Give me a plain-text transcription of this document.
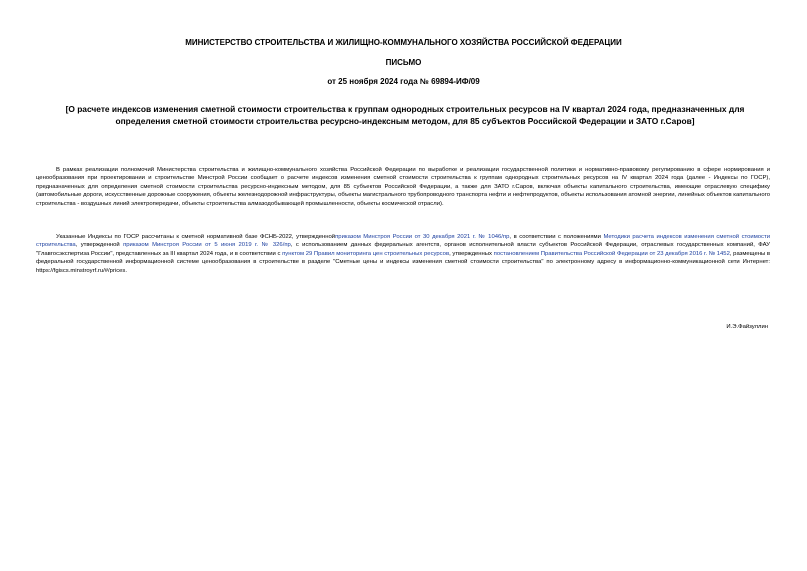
МИНИСТЕРСТВО СТРОИТЕЛЬСТВА И ЖИЛИЩНО-КОММУНАЛЬНОГО ХОЗЯЙСТВА РОССИЙСКОЙ ФЕДЕРАЦИИ
ПИСЬМО
от 25 ноября 2024 года № 69894-ИФ/09
[О расчете индексов изменения сметной стоимости строительства к группам однородных строительных ресурсов на IV квартал 2024 года, предназначенных для определения сметной стоимости строительства ресурсно-индексным методом, для 85 субъектов Российской Федерации и ЗАТО г.Саров]

В рамках реализации полномочий Министерства строительства и жилищно-коммунального хозяйства Российской Федерации по выработке и реализации государственной политики и нормативно-правовому регулированию в сфере нормирования и ценообразования при проектировании и строительстве Минстрой России сообщает о расчете индексов изменения сметной стоимости строительства к группам однородных строительных ресурсов на IV квартал 2024 года (далее - Индексы по ГОСР), предназначенных для определения сметной стоимости строительства ресурсно-индексным методом, для 85 субъектов Российской Федерации, а также для ЗАТО г.Саров, включая объекты капитального строительства, имеющие отраслевую специфику (автомобильные дороги, искусственные дорожные сооружения, объекты железнодорожной инфраструктуры, объекты магистрального трубопроводного транспорта нефти и нефтепродуктов, объекты использования атомной энергии, линейных объектов капитального строительства - воздушных линий электропередачи, объекты строительства алмазодобывающей промышленности, объекты космической отрасли).

Указанные Индексы по ГОСР рассчитаны к сметной нормативной базе ФСНБ-2022, утвержденнойприказом Минстроя России от 30 декабря 2021 г. № 1046/пр, в соответствии с положениями Методики расчета индексов изменения сметной стоимости строительства, утвержденной приказом Минстроя России от 5 июня 2019 г. № 326/пр, с использованием данных федеральных агентств, органов исполнительной власти субъектов Российской Федерации, отраслевых государственных компаний, ФАУ "Главгосэкспертиза России", представленных за III квартал 2024 года, и в соответствии с пунктом 29 Правил мониторинга цен строительных ресурсов, утвержденных постановлением Правительства Российской Федерации от 23 декабря 2016 г. № 1452, размещены в федеральной государственной информационной системе ценообразования в строительстве в разделе "Сметные цены и индексы изменения сметной стоимости строительства" по электронному адресу в информационно-коммуникационной сети Интернет: https://fgiscs.minstroyrf.ru/#/prices.

И.Э.Файзуллин
